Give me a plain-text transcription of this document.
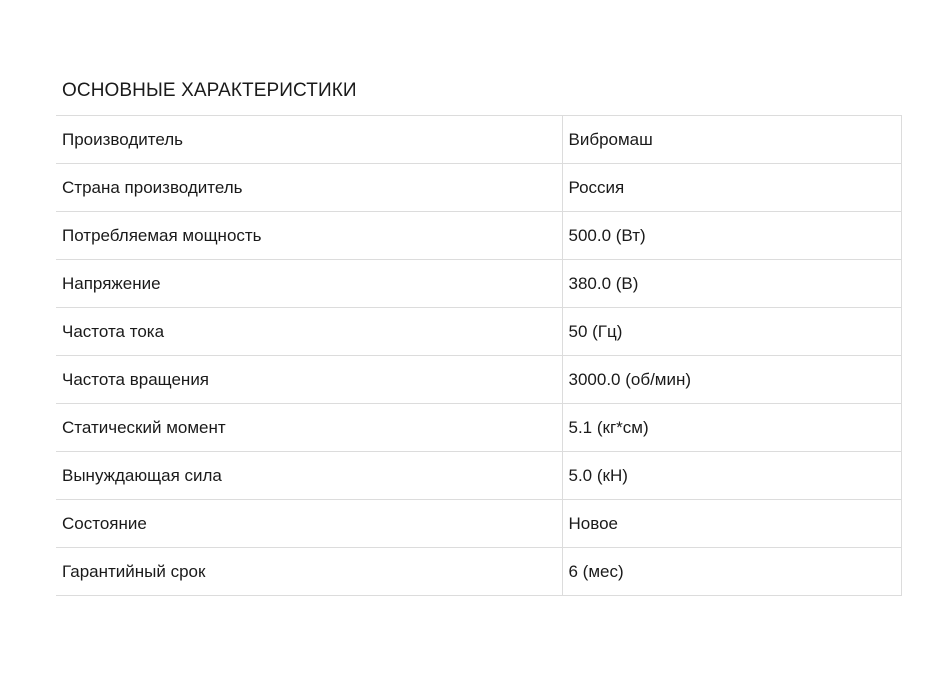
ОСНОВНЫЕ ХАРАКТЕРИСТИКИ
Производитель	Вибромаш
Страна производитель	Россия
Потребляемая мощность	500.0 (Вт)
Напряжение	380.0 (В)
Частота тока	50 (Гц)
Частота вращения	3000.0 (об/мин)
Статический момент	5.1 (кг*см)
Вынуждающая сила	5.0 (кН)
Состояние	Новое
Гарантийный срок	6 (мес)
